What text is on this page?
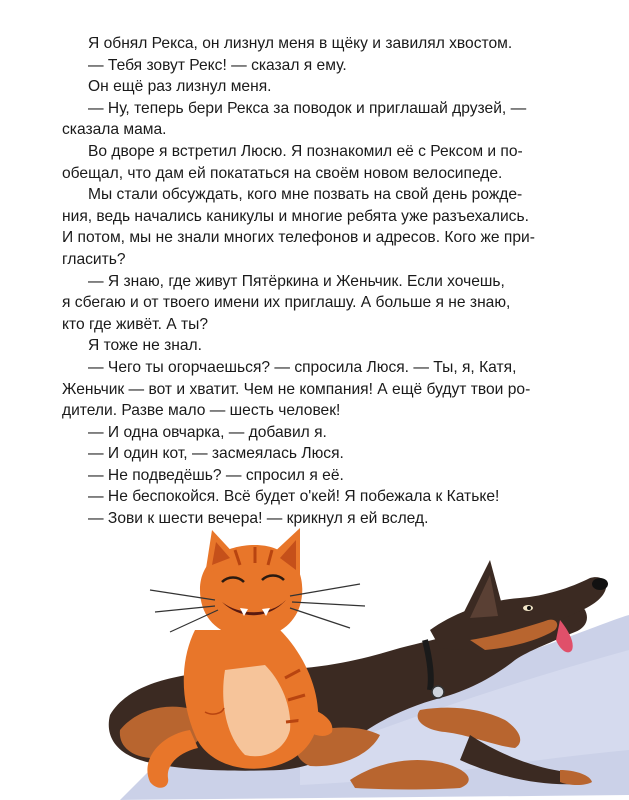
Я обнял Рекса, он лизнул меня в щёку и завилял хвостом.
— Тебя зовут Рекс! — сказал я ему.
Он ещё раз лизнул меня.
— Ну, теперь бери Рекса за поводок и приглашай друзей, —
сказала мама.
Во дворе я встретил Люсю. Я познакомил её с Рексом и по-
обещал, что дам ей покататься на своём новом велосипеде.
Мы стали обсуждать, кого мне позвать на свой день рожде-
ния, ведь начались каникулы и многие ребята уже разъехались.
И потом, мы не знали многих телефонов и адресов. Кого же при-
гласить?
— Я знаю, где живут Пятёркина и Женьчик. Если хочешь,
я сбегаю и от твоего имени их приглашу. А больше я не знаю,
кто где живёт. А ты?
Я тоже не знал.
— Чего ты огорчаешься? — спросила Люся. — Ты, я, Катя,
Женьчик — вот и хватит. Чем не компания! А ещё будут твои ро-
дители. Разве мало — шесть человек!
— И одна овчарка, — добавил я.
— И один кот, — засмеялась Люся.
— Не подведёшь? — спросил я её.
— Не беспокойся. Всё будет о'кей! Я побежала к Катьке!
— Зови к шести вечера! — крикнул я ей вслед.
